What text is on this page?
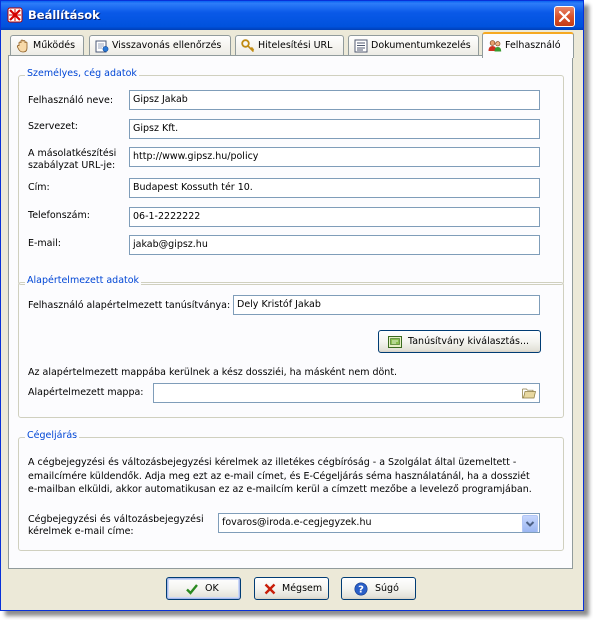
Beállítások
Működés	Visszavonás ellenőrzés	Hitelesítési URL	Dokumentumkezelés	Felhasználó
Személyes, cég adatok
Felhasználó neve:	Gipsz Jakab
Szervezet:	Gipsz Kft.
A másolatkészítési
szabályzat URL-je:
http://www.gipsz.hu/policy
Cím:	Budapest Kossuth tér 10.
Telefonszám:	06-1-2222222
E-mail:	jakab@gipsz.hu
Alapértelmezett adatok
Felhasználó alapértelmezett tanúsítványa: Dely Kristóf Jakab
Tanúsítvány kiválasztás...
Az alapértelmezett mappába kerülnek a kész dossziéi, ha másként nem dönt.
Alapértelmezett mappa:
Cégeljárás
A cégbejegyzési és változásbejegyzési kérelmek az illetékes cégbíróság - a Szolgálat által üzemeltett -
emailcímére küldendők. Adja meg ezt az e-mail címet, és E-Cégeljárás séma használatánál, ha a dossziét
e-mailban elküldi, akkor automatikusan ez az e-mailcím kerül a címzett mezőbe a levelező programjában.
Cégbejegyzési és változásbejegyzési
kérelmek e-mail címe:
fovaros@iroda.e-cegjegyzek.hu
OK	Mégsem	? Súgó
